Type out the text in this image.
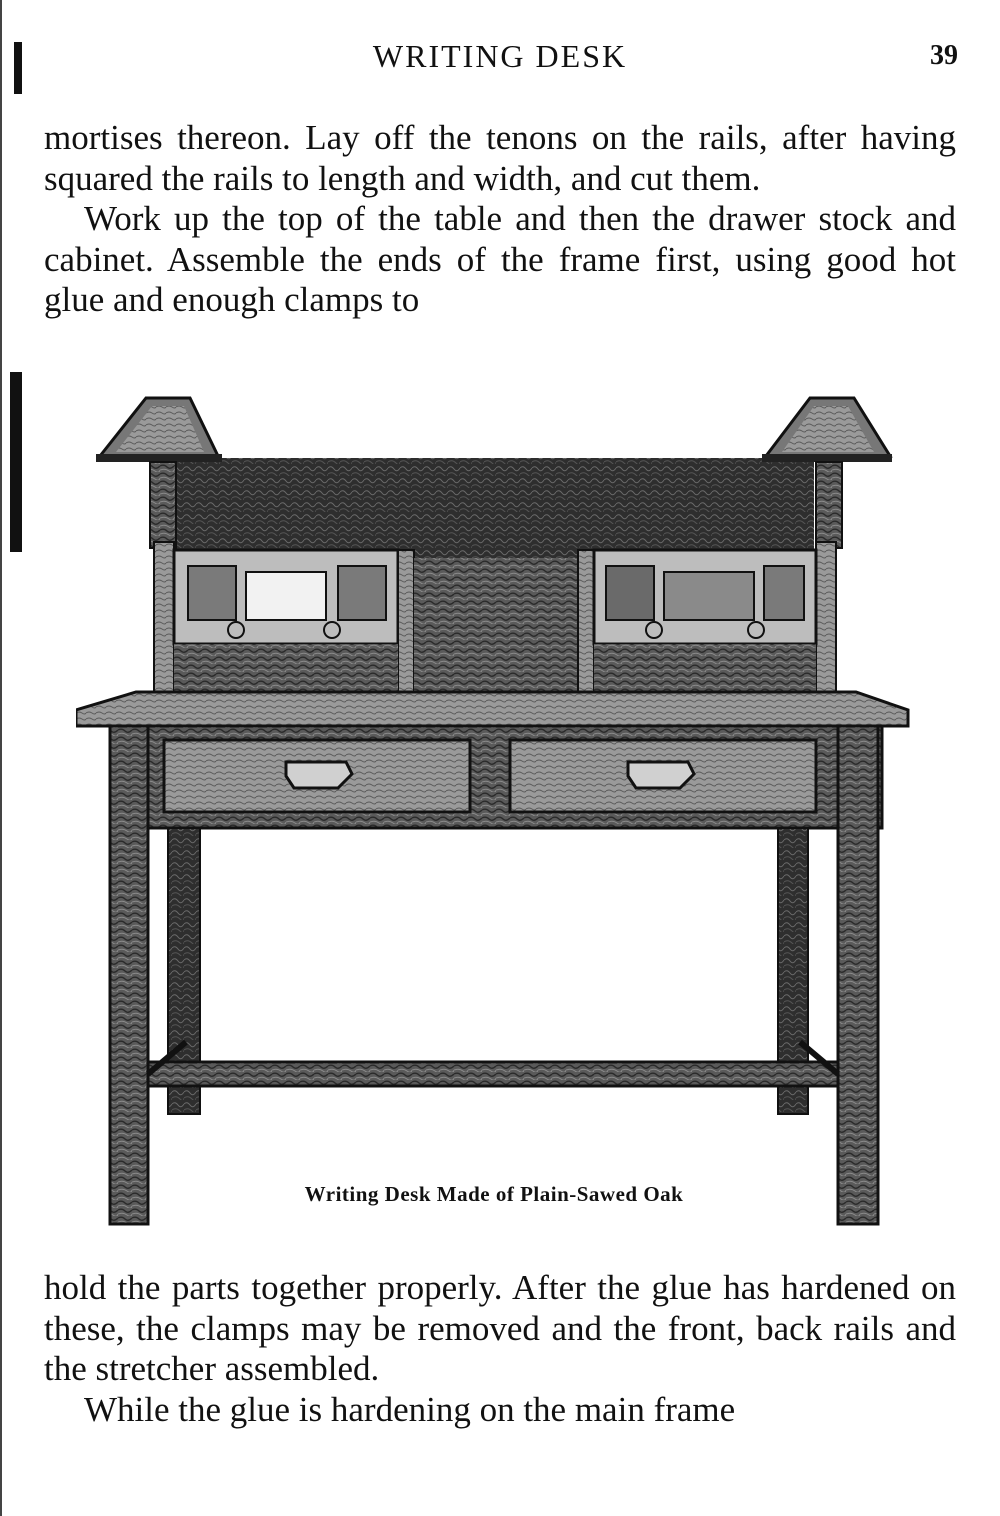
WRITING DESK	39

mortises thereon. Lay off the tenons on the rails, after having squared the rails to length and width, and cut them.

Work up the top of the table and then the drawer stock and cabinet. Assemble the ends of the frame first, using good hot glue and enough clamps to

Writing Desk Made of Plain-Sawed Oak

hold the parts together properly. After the glue has hardened on these, the clamps may be removed and the front, back rails and the stretcher assembled.

While the glue is hardening on the main frame
